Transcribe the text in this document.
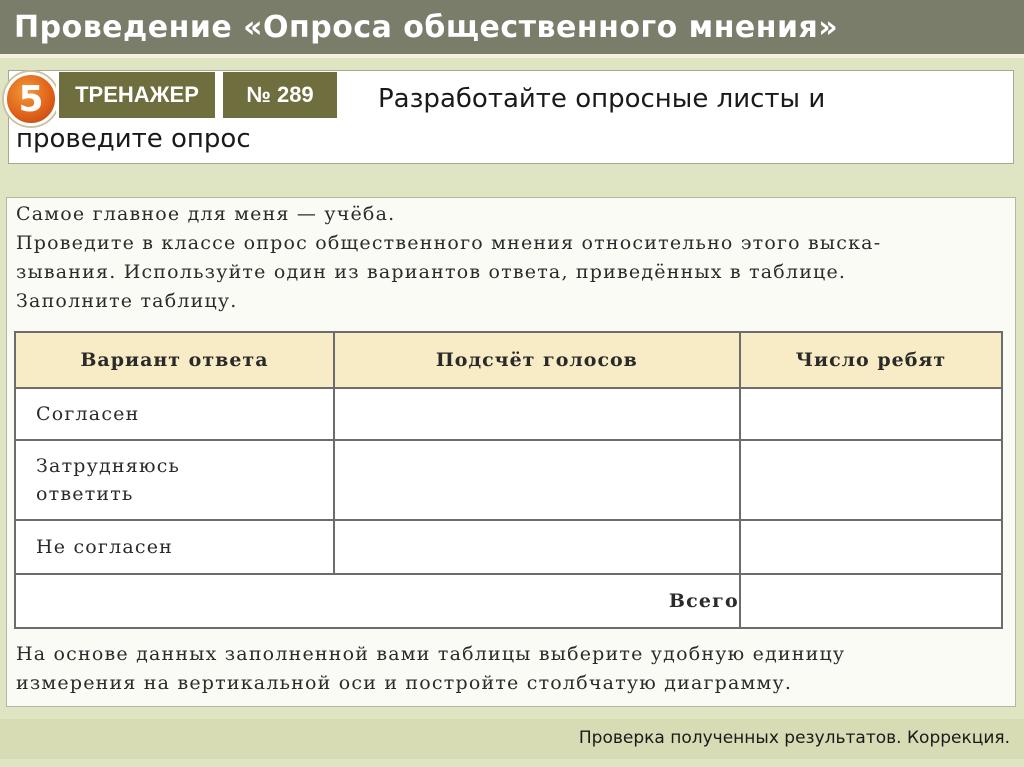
Проведение «Опроса общественного мнения»
5	ТРЕНАЖЕР	№ 289	Разработайте опросные листы и
проведите опрос
Самое главное для меня — учёба.
Проведите в классе опрос общественного мнения относительно этого выска-
зывания. Используйте один из вариантов ответа, приведённых в таблице.
Заполните таблицу.
Вариант ответа	Подсчёт голосов	Число ребят
Согласен		
Затрудняюсь ответить		
Не согласен		
Всего		
На основе данных заполненной вами таблицы выберите удобную единицу
измерения на вертикальной оси и постройте столбчатую диаграмму.
Проверка полученных результатов. Коррекция.
